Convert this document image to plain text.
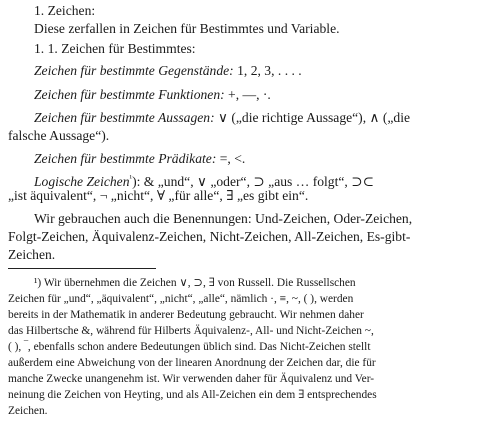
1. Zeichen:
Diese zerfallen in Zeichen für Bestimmtes und Variable.
1. 1. Zeichen für Bestimmtes:
Zeichen für bestimmte Gegenstände: 1, 2, 3, . . . .
Zeichen für bestimmte Funktionen: +, —, ·.
Zeichen für bestimmte Aussagen: ∨ („die richtige Aussage“), ∧ („die
falsche Aussage“).
Zeichen für bestimmte Prädikate: =, <.
Logische Zeichen$^{^1}$): & „und“, ∨ „oder“, ⊃ „aus … folgt“, ⊃⊂
„ist äquivalent“, ¬ „nicht“, ∀ „für alle“, ∃ „es gibt ein“.
Wir gebrauchen auch die Benennungen: Und-Zeichen, Oder-Zeichen,
Folgt-Zeichen, Äquivalenz-Zeichen, Nicht-Zeichen, All-Zeichen, Es-gibt-
Zeichen.
¹) Wir übernehmen die Zeichen ∨, ⊃, ∃ von Russell. Die Russellschen
Zeichen für „und“, „äquivalent“, „nicht“, „alle“, nämlich ·, ≡, ~, ( ), werden
bereits in der Mathematik in anderer Bedeutung gebraucht. Wir nehmen daher
das Hilbertsche &, während für Hilberts Äquivalenz-, All- und Nicht-Zeichen ~,
( ), ‾, ebenfalls schon andere Bedeutungen üblich sind. Das Nicht-Zeichen stellt
außerdem eine Abweichung von der linearen Anordnung der Zeichen dar, die für
manche Zwecke unangenehm ist. Wir verwenden daher für Äquivalenz und Ver-
neinung die Zeichen von Heyting, und als All-Zeichen ein dem ∃ entsprechendes
Zeichen.
